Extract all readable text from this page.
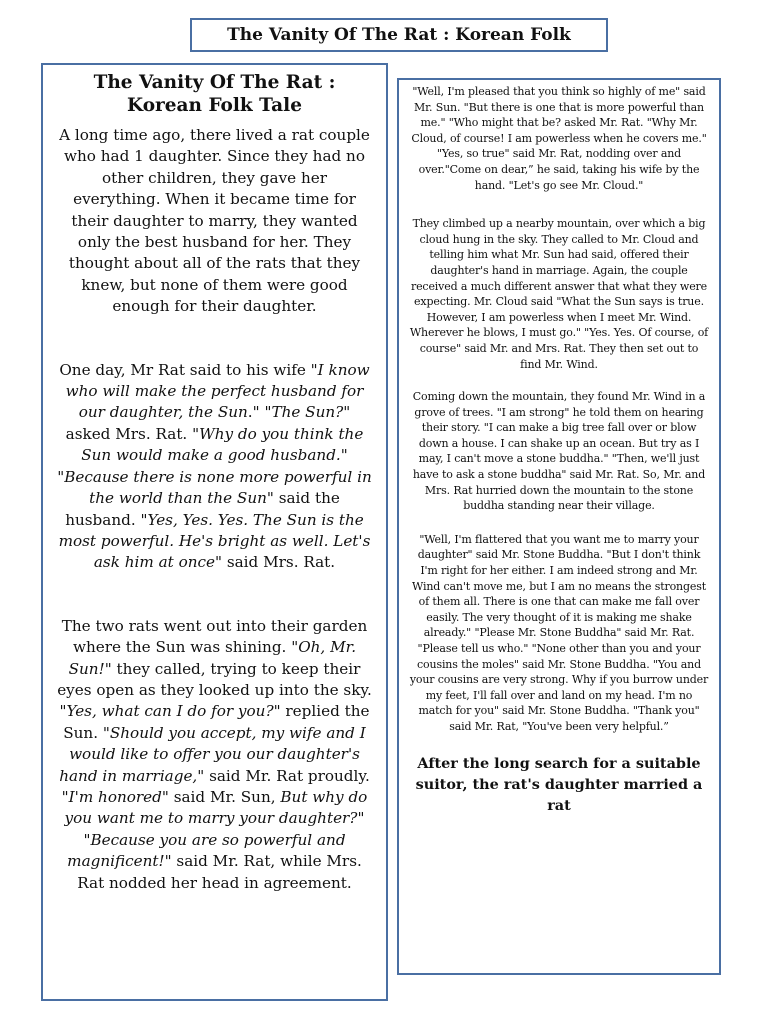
The Vanity Of The Rat : Korean Folk
The Vanity Of The Rat : Korean Folk Tale

A long time ago, there lived a rat couple who had 1 daughter. Since they had no other children, they gave her everything. When it became time for their daughter to marry, they wanted only the best husband for her. They thought about all of the rats that they knew, but none of them were good enough for their daughter.

One day, Mr Rat said to his wife "I know who will make the perfect husband for our daughter, the Sun." "The Sun?" asked Mrs. Rat. "Why do you think the Sun would make a good husband." "Because there is none more powerful in the world than the Sun" said the husband. "Yes, Yes. Yes. The Sun is the most powerful. He's bright as well. Let's ask him at once" said Mrs. Rat.

The two rats went out into their garden where the Sun was shining. "Oh, Mr. Sun!" they called, trying to keep their eyes open as they looked up into the sky. "Yes, what can I do for you?" replied the Sun. "Should you accept, my wife and I would like to offer you our daughter's hand in marriage," said Mr. Rat proudly. "I'm honored" said Mr. Sun, But why do you want me to marry your daughter?" "Because you are so powerful and magnificent!" said Mr. Rat, while Mrs. Rat nodded her head in agreement.

"Well, I'm pleased that you think so highly of me" said Mr. Sun. "But there is one that is more powerful than me." "Who might that be? asked Mr. Rat. "Why Mr. Cloud, of course! I am powerless when he covers me." "Yes, so true" said Mr. Rat, nodding over and over."Come on dear,” he said, taking his wife by the hand. "Let's go see Mr. Cloud."

They climbed up a nearby mountain, over which a big cloud hung in the sky. They called to Mr. Cloud and telling him what Mr. Sun had said, offered their daughter's hand in marriage. Again, the couple received a much different answer that what they were expecting. Mr. Cloud said "What the Sun says is true. However, I am powerless when I meet Mr. Wind. Wherever he blows, I must go." "Yes. Yes. Of course, of course" said Mr. and Mrs. Rat. They then set out to find Mr. Wind.

Coming down the mountain, they found Mr. Wind in a grove of trees. "I am strong" he told them on hearing their story. "I can make a big tree fall over or blow down a house. I can shake up an ocean. But try as I may, I can't move a stone buddha." "Then, we'll just have to ask a stone buddha" said Mr. Rat. So, Mr. and Mrs. Rat hurried down the mountain to the stone buddha standing near their village.

"Well, I'm flattered that you want me to marry your daughter" said Mr. Stone Buddha. "But I don't think I'm right for her either. I am indeed strong and Mr. Wind can't move me, but I am no means the strongest of them all. There is one that can make me fall over easily. The very thought of it is making me shake already." "Please Mr. Stone Buddha" said Mr. Rat. "Please tell us who." "None other than you and your cousins the moles" said Mr. Stone Buddha. "You and your cousins are very strong. Why if you burrow under my feet, I'll fall over and land on my head. I'm no match for you" said Mr. Stone Buddha. "Thank you" said Mr. Rat, "You've been very helpful.”

After the long search for a suitable suitor, the rat's daughter married a rat
